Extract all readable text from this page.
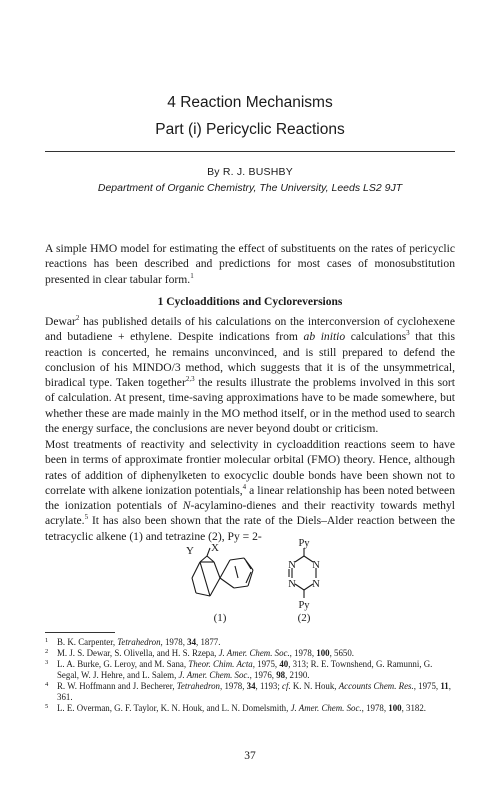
4 Reaction Mechanisms
Part (i) Pericyclic Reactions
By R. J. BUSHBY
Department of Organic Chemistry, The University, Leeds LS2 9JT

A simple HMO model for estimating the effect of substituents on the rates of pericyclic reactions has been described and predictions for most cases of monosubstitution presented in clear tabular form.$^1$

1 Cycloadditions and Cycloreversions

Dewar$^2$ has published details of his calculations on the interconversion of cyclohexene and butadiene + ethylene. Despite indications from ab initio calculations$^3$ that this reaction is concerted, he remains unconvinced, and is still prepared to defend the conclusion of his MINDO/3 method, which suggests that it is of the unsymmetrical, biradical type. Taken together$^{2,3}$ the results illustrate the problems involved in this sort of calculation. At present, time-saving approximations have to be made somewhere, but whether these are made mainly in the MO method itself, or in the method used to search the energy surface, the conclusions are never beyond doubt or criticism.

Most treatments of reactivity and selectivity in cycloaddition reactions seem to have been in terms of approximate frontier molecular orbital (FMO) theory. Hence, although rates of addition of diphenylketen to exocyclic double bonds have been shown not to correlate with alkene ionization potentials,$^4$ a linear relationship has been noted between the ionization potentials of N-acylamino-dienes and their reactivity towards methyl acrylate.$^5$ It has also been shown that the rate of the Diels–Alder reaction between the tetracyclic alkene (1) and tetrazine (2), Py = 2-

Y X
(1)
Py
N N
N N
Py
(2)
1 B. K. Carpenter, Tetrahedron, 1978, 34, 1877.
2 M. J. S. Dewar, S. Olivella, and H. S. Rzepa, J. Amer. Chem. Soc., 1978, 100, 5650.
3 L. A. Burke, G. Leroy, and M. Sana, Theor. Chim. Acta, 1975, 40, 313; R. E. Townshend, G. Ramunni, G. Segal, W. J. Hehre, and L. Salem, J. Amer. Chem. Soc., 1976, 98, 2190.
4 R. W. Hoffmann and J. Becherer, Tetrahedron, 1978, 34, 1193; cf. K. N. Houk, Accounts Chem. Res., 1975, 11, 361.
5 L. E. Overman, G. F. Taylor, K. N. Houk, and L. N. Domelsmith, J. Amer. Chem. Soc., 1978, 100, 3182.
37
